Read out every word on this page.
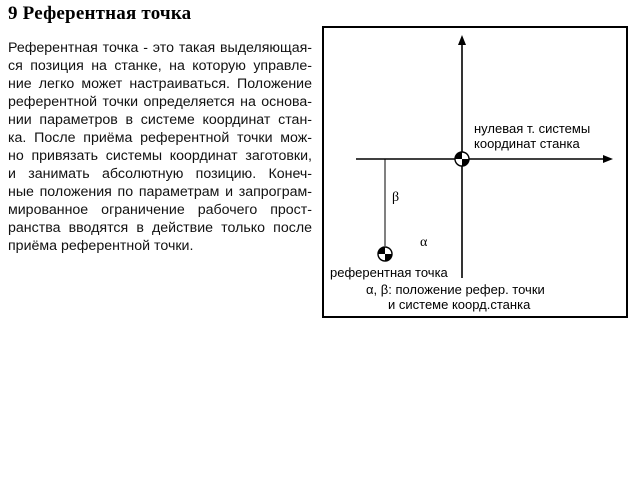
9 Референтная точка
Референтная точка - это такая выделяющая-
ся позиция на станке, на которую управле-
ние легко может настраиваться. Положение
референтной точки определяется на основа-
нии параметров в системе координат стан-
ка. После приёма референтной точки мож-
но привязать системы координат заготовки,
и занимать абсолютную позицию. Конеч-
ные положения по параметрам и запрограм-
мированное ограничение рабочего прост-
ранства вводятся в действие только после
приёма референтной точки.
нулевая т. системы
координат станка
β
α
референтная точка
α, β: положение рефер. точки
и системе коорд.станка
